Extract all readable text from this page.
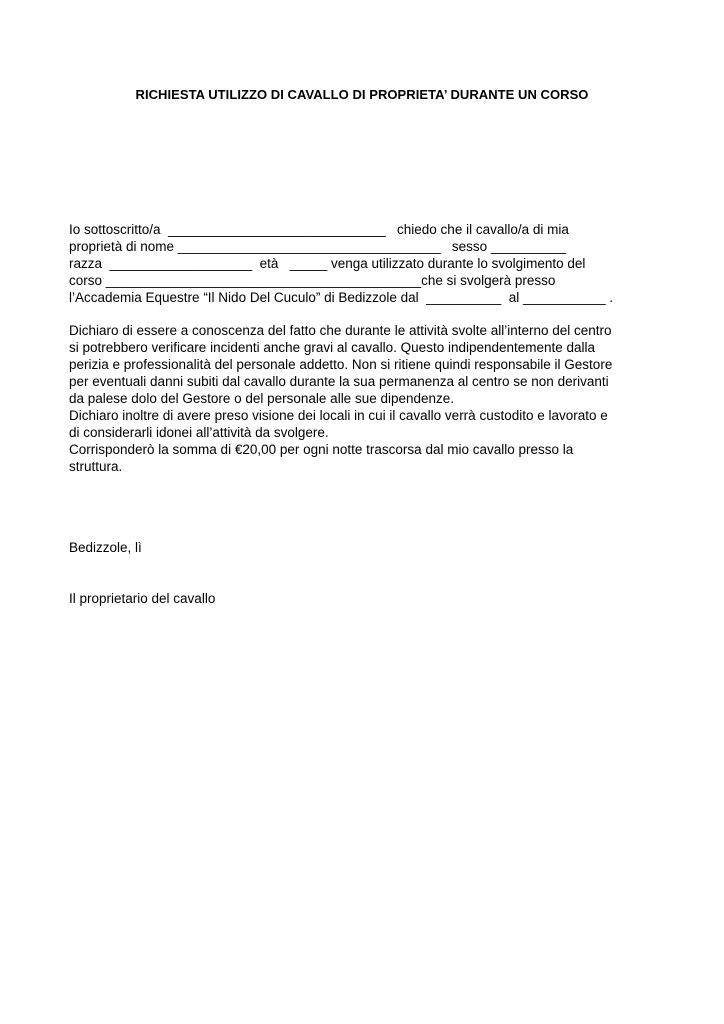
RICHIESTA UTILIZZO DI CAVALLO DI PROPRIETA’ DURANTE UN CORSO
Io sottoscritto/a  _____________________________   chiedo che il cavallo/a di mia
proprietà di nome ___________________________________   sesso __________
razza  ___________________  età   _____ venga utilizzato durante lo svolgimento del
corso __________________________________________che si svolgerà presso
l’Accademia Equestre “Il Nido Del Cuculo” di Bedizzole dal  __________  al ___________ .
Dichiaro di essere a conoscenza del fatto che durante le attività svolte all’interno del centro
si potrebbero verificare incidenti anche gravi al cavallo. Questo indipendentemente dalla
perizia e professionalità del personale addetto. Non si ritiene quindi responsabile il Gestore
per eventuali danni subiti dal cavallo durante la sua permanenza al centro se non derivanti
da palese dolo del Gestore o del personale alle sue dipendenze.
Dichiaro inoltre di avere preso visione dei locali in cui il cavallo verrà custodito e lavorato e
di considerarli idonei all’attività da svolgere.
Corrisponderò la somma di €20,00 per ogni notte trascorsa dal mio cavallo presso la
struttura.
Bedizzole, lì
Il proprietario del cavallo
